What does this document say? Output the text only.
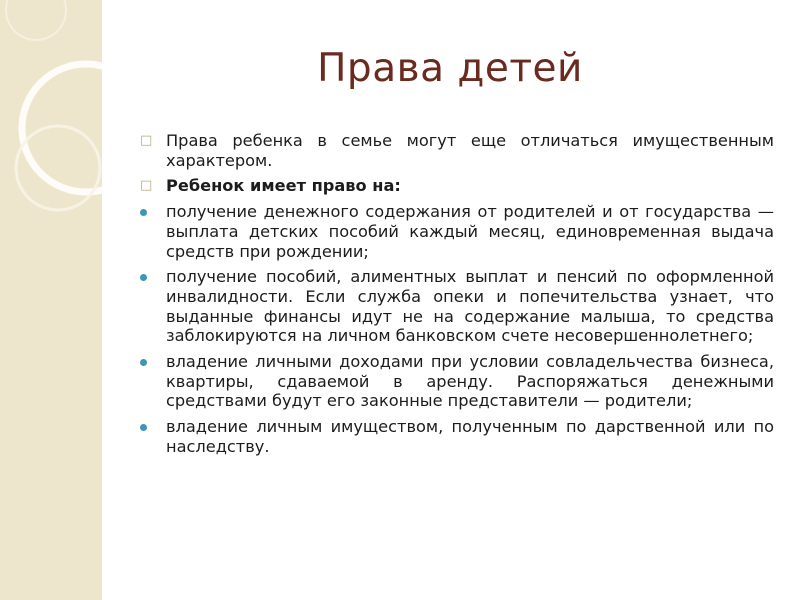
Права детей
□ Права ребенка в семье могут еще отличаться имущественным характером.
□ Ребенок имеет право на:
получение денежного содержания от родителей и от государства — выплата детских пособий каждый месяц, единовременная выдача средств при рождении;
получение пособий, алиментных выплат и пенсий по оформленной инвалидности. Если служба опеки и попечительства узнает, что выданные финансы идут не на содержание малыша, то средства заблокируются на личном банковском счете несовершеннолетнего;
владение личными доходами при условии совладельчества бизнеса, квартиры, сдаваемой в аренду. Распоряжаться денежными средствами будут его законные представители — родители;
владение личным имуществом, полученным по дарственной или по наследству.
